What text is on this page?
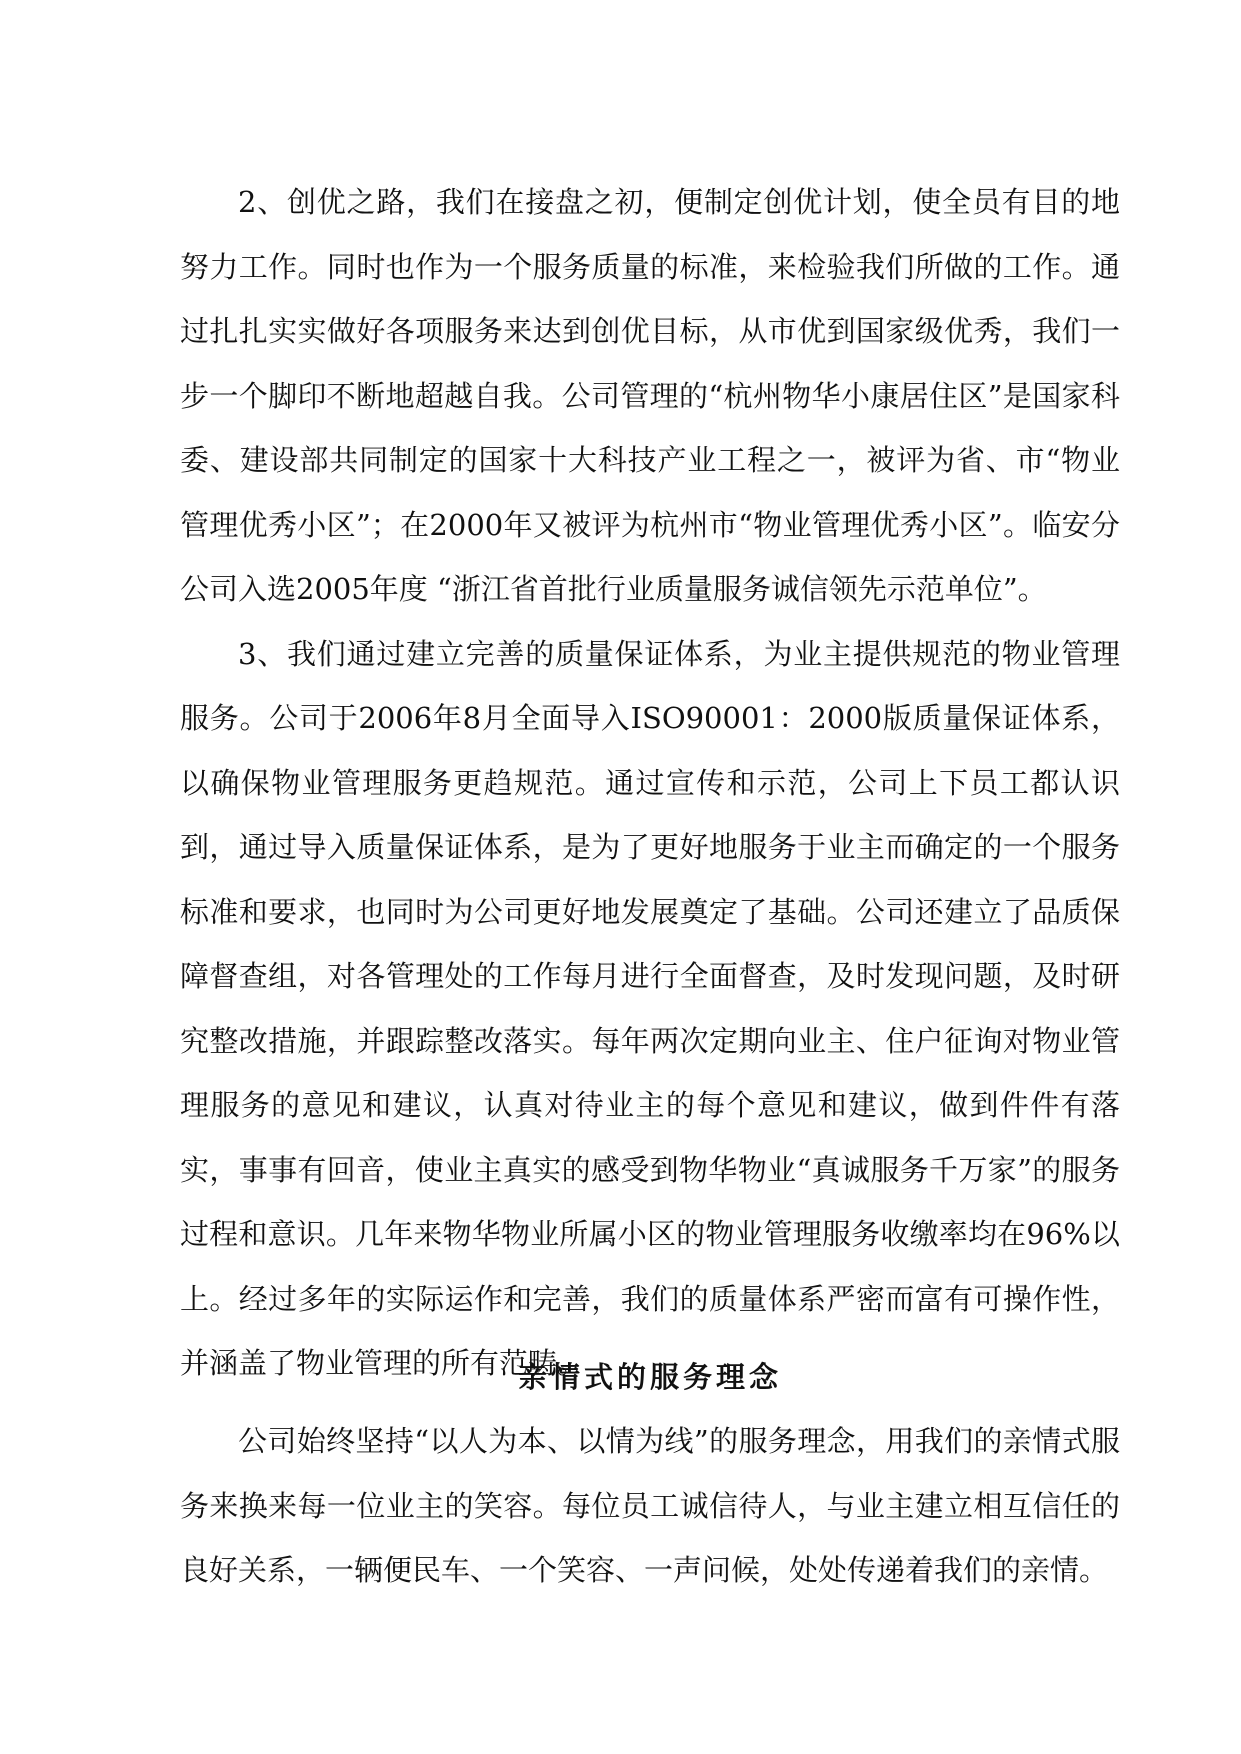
2、创优之路，我们在接盘之初，便制定创优计划，使全员有目的地努力工作。同时也作为一个服务质量的标准，来检验我们所做的工作。通过扎扎实实做好各项服务来达到创优目标，从市优到国家级优秀，我们一步一个脚印不断地超越自我。公司管理的“杭州物华小康居住区”是国家科委、建设部共同制定的国家十大科技产业工程之一，被评为省、市“物业管理优秀小区”；在2000年又被评为杭州市“物业管理优秀小区”。临安分公司入选2005年度 “浙江省首批行业质量服务诚信领先示范单位”。

3、我们通过建立完善的质量保证体系，为业主提供规范的物业管理服务。公司于2006年8月全面导入ISO90001：2000版质量保证体系，以确保物业管理服务更趋规范。通过宣传和示范，公司上下员工都认识到，通过导入质量保证体系，是为了更好地服务于业主而确定的一个服务标准和要求，也同时为公司更好地发展奠定了基础。公司还建立了品质保障督查组，对各管理处的工作每月进行全面督查，及时发现问题，及时研究整改措施，并跟踪整改落实。每年两次定期向业主、住户征询对物业管理服务的意见和建议，认真对待业主的每个意见和建议，做到件件有落实，事事有回音，使业主真实的感受到物华物业“真诚服务千万家”的服务过程和意识。几年来物华物业所属小区的物业管理服务收缴率均在96%以上。经过多年的实际运作和完善，我们的质量体系严密而富有可操作性，并涵盖了物业管理的所有范畴。

亲情式的服务理念

公司始终坚持“以人为本、以情为线”的服务理念，用我们的亲情式服务来换来每一位业主的笑容。每位员工诚信待人，与业主建立相互信任的良好关系，一辆便民车、一个笑容、一声问候，处处传递着我们的亲情。
